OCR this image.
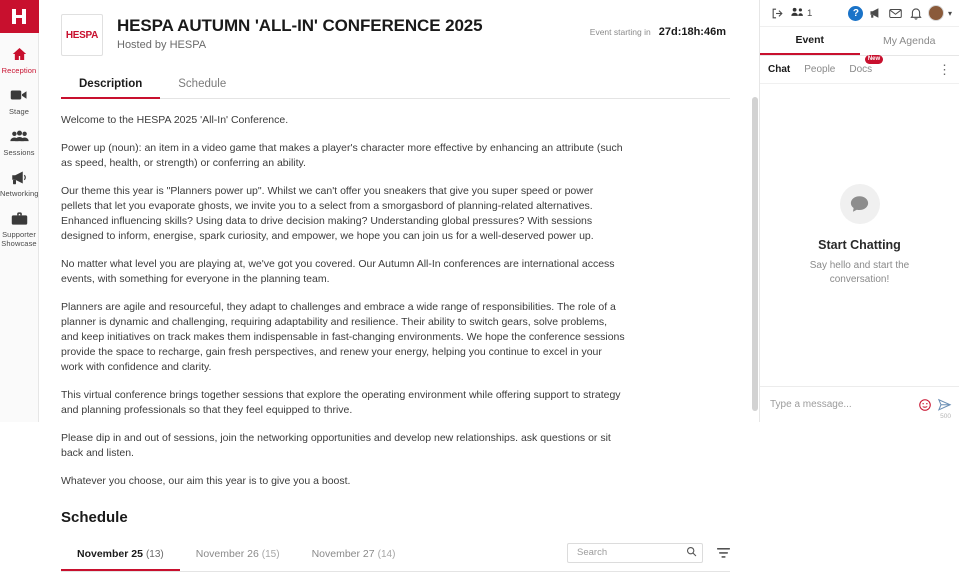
Reception
Stage
Sessions
Networking
Supporter Showcase
HESPA HESPA AUTUMN 'ALL-IN' CONFERENCE 2025
Hosted by HESPA
Event starting in 27d:18h:46m
Description	Schedule

Welcome to the HESPA 2025 'All-In' Conference.

Power up (noun): an item in a video game that makes a player's character more effective by enhancing an attribute (such as speed, health, or strength) or conferring an ability.

Our theme this year is "Planners power up". Whilst we can't offer you sneakers that give you super speed or power pellets that let you evaporate ghosts, we invite you to a select from a smorgasbord of planning-related alternatives. Enhanced influencing skills? Using data to drive decision making? Understanding global pressures? With sessions designed to inform, energise, spark curiosity, and empower, we hope you can join us for a well-deserved power up.

No matter what level you are playing at, we've got you covered. Our Autumn All-In conferences are international access events, with something for everyone in the planning team.

Planners are agile and resourceful, they adapt to challenges and embrace a wide range of responsibilities. The role of a planner is dynamic and challenging, requiring adaptability and resilience. Their ability to switch gears, solve problems, and keep initiatives on track makes them indispensable in fast-changing environments. We hope the conference sessions provide the space to recharge, gain fresh perspectives, and renew your energy, helping you continue to excel in your work with confidence and clarity.

This virtual conference brings together sessions that explore the operating environment while offering support to strategy and planning professionals so that they feel equipped to thrive.

Please dip in and out of sessions, join the networking opportunities and develop new relationships. ask questions or sit back and listen.

Whatever you choose, our aim this year is to give you a boost.

Schedule
November 25 (13)	November 26 (15)	November 27 (14)
Search
1	?	▾
Event	My Agenda
Chat People Docs
New
⋮
Start Chatting
Say hello and start the conversation!
Type a message...
500
